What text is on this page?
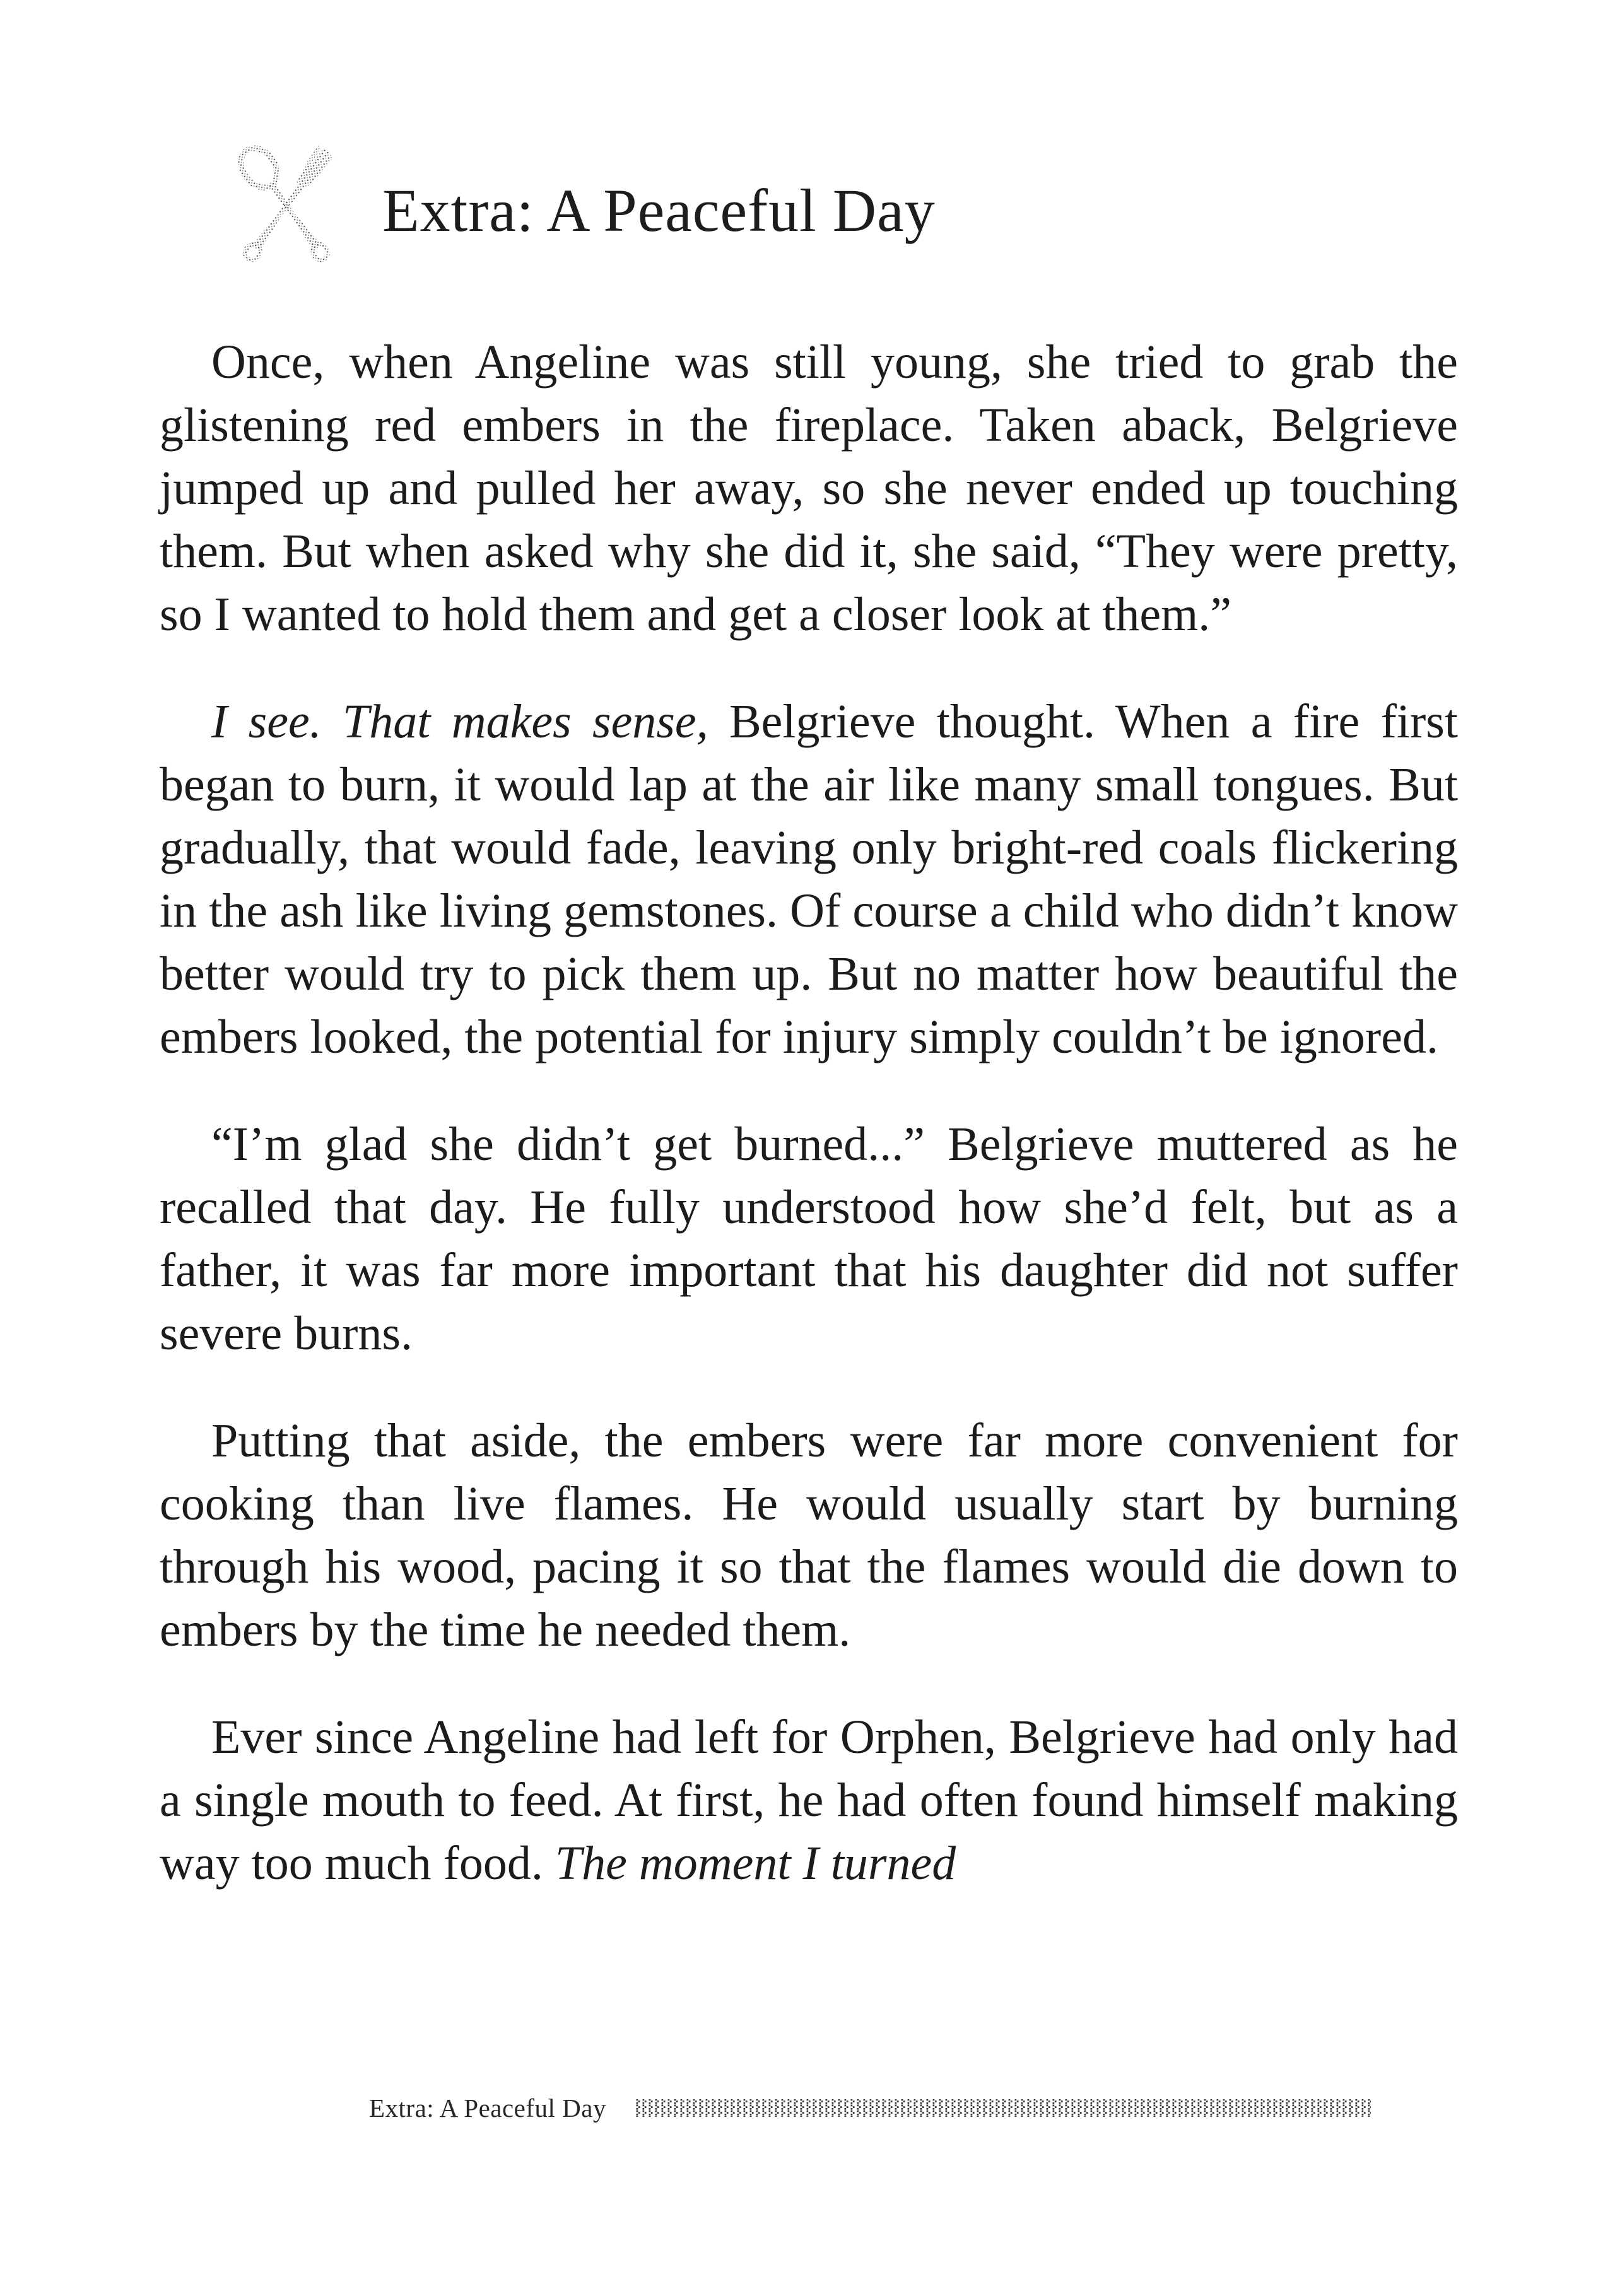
Extra: A Peaceful Day

Once, when Angeline was still young, she tried to grab the glistening red embers in the fireplace. Taken aback, Belgrieve jumped up and pulled her away, so she never ended up touching them. But when asked why she did it, she said, “They were pretty, so I wanted to hold them and get a closer look at them.”

I see. That makes sense, Belgrieve thought. When a fire first began to burn, it would lap at the air like many small tongues. But gradually, that would fade, leaving only bright-red coals flickering in the ash like living gemstones. Of course a child who didn’t know better would try to pick them up. But no matter how beautiful the embers looked, the potential for injury simply couldn’t be ignored.

“I’m glad she didn’t get burned...” Belgrieve muttered as he recalled that day. He fully understood how she’d felt, but as a father, it was far more important that his daughter did not suffer severe burns.

Putting that aside, the embers were far more convenient for cooking than live flames. He would usually start by burning through his wood, pacing it so that the flames would die down to embers by the time he needed them.

Ever since Angeline had left for Orphen, Belgrieve had only had a single mouth to feed. At first, he had often found himself making way too much food. The moment I turned

Extra: A Peaceful Day
